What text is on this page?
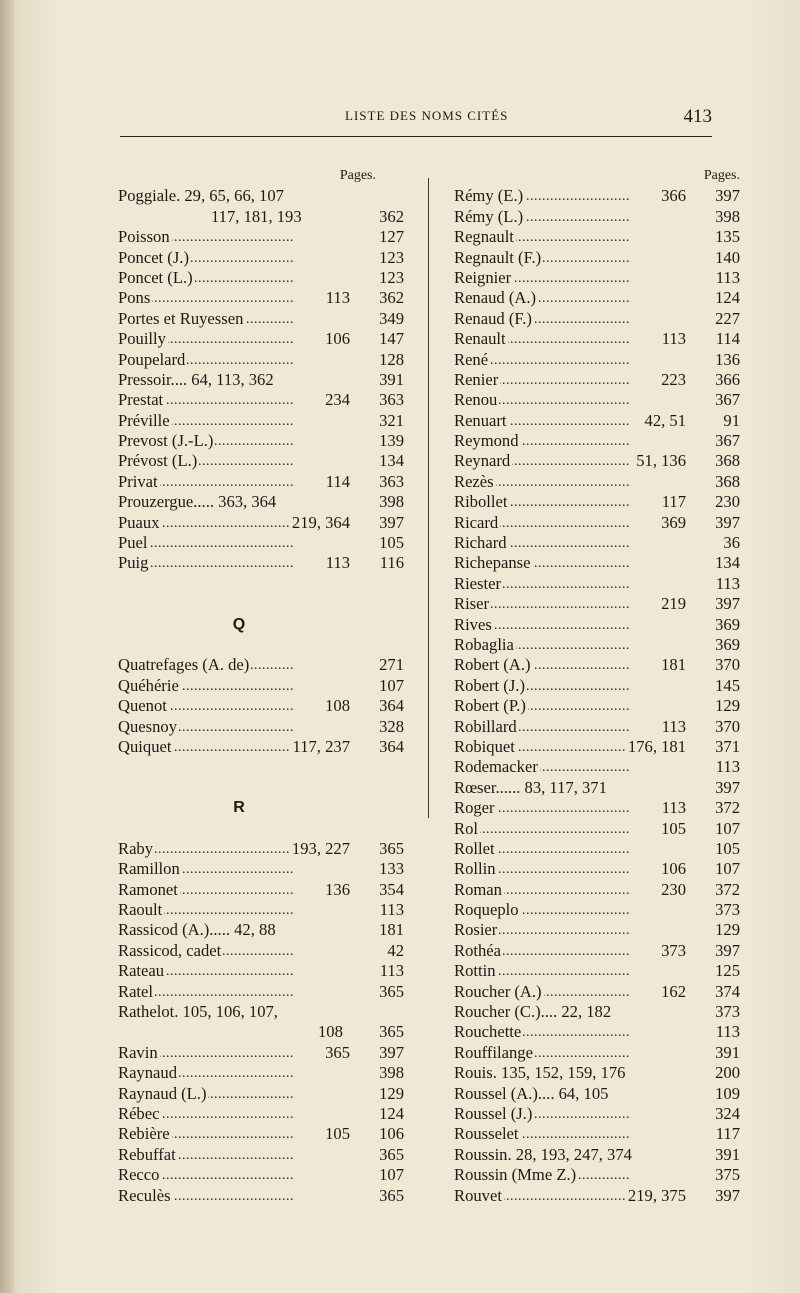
LISTE DES NOMS CITÉS	413
Pages.
Poggiale. 29, 65, 66, 107
117, 181, 193	362
. . . Poisson	127
. . . Poncet (J.)	123
. . . Poncet (L.)	123
. . . Pons	113	362
. . . Portes et Ruyessen	349
. . . Pouilly	106	147
. . . Poupelard	128
Pressoir.... 64, 113, 362	391
. . . Prestat	234	363
. . . Préville	321
. . . Prevost (J.-L.)	139
. . . Prévost (L.)	134
. . . Privat	114	363
Prouzergue..... 363, 364	398
. . . Puaux	219, 364	397
. . . Puel	105
. . . Puig	113	116
Q
. . . Quatrefages (A. de)	271
. . . Quéhérie	107
. . . Quenot	108	364
. . . Quesnoy	328
. . . Quiquet	117, 237	364
R
. . . Raby	193, 227	365
. . . Ramillon	133
. . . Ramonet	136	354
. . . Raoult	113
Rassicod (A.)..... 42, 88	181
. . . Rassicod, cadet	42
. . . Rateau	113
. . . Ratel	365
Rathelot. 105, 106, 107,
108	365
. . . Ravin	365	397
. . . Raynaud	398
. . . Raynaud (L.)	129
. . . Rébec	124
. . . Rebière	105	106
. . . Rebuffat	365
. . . Recco	107
. . . Reculès	365
Pages.
. . . Rémy (E.)	366	397
. . . Rémy (L.)	398
. . . Regnault	135
. . . Regnault (F.)	140
. . . Reignier	113
. . . Renaud (A.)	124
. . . Renaud (F.)	227
. . . Renault	113	114
. . . René	136
. . . Renier	223	366
. . . Renou	367
. . . Renuart	42, 51	91
. . . Reymond	367
. . . Reynard	51, 136	368
. . . Rezès	368
. . . Ribollet	117	230
. . . Ricard	369	397
. . . Richard	36
. . . Richepanse	134
. . . Riester	113
. . . Riser	219	397
. . . Rives	369
. . . Robaglia	369
. . . Robert (A.)	181	370
. . . Robert (J.)	145
. . . Robert (P.)	129
. . . Robillard	113	370
. . . Robiquet	176, 181	371
. . . Rodemacker	113
Rœser...... 83, 117, 371	397
. . . Roger	113	372
. . . Rol	105	107
. . . Rollet	105
. . . Rollin	106	107
. . . Roman	230	372
. . . Roqueplo	373
. . . Rosier	129
. . . Rothéa	373	397
. . . Rottin	125
. . . Roucher (A.)	162	374
Roucher (C.).... 22, 182	373
. . . Rouchette	113
. . . Rouffilange	391
Rouis. 135, 152, 159, 176	200
Roussel (A.).... 64, 105	109
. . . Roussel (J.)	324
. . . Rousselet	117
Roussin. 28, 193, 247, 374	391
. . . Roussin (Mme Z.)	375
. . . Rouvet	219, 375	397
